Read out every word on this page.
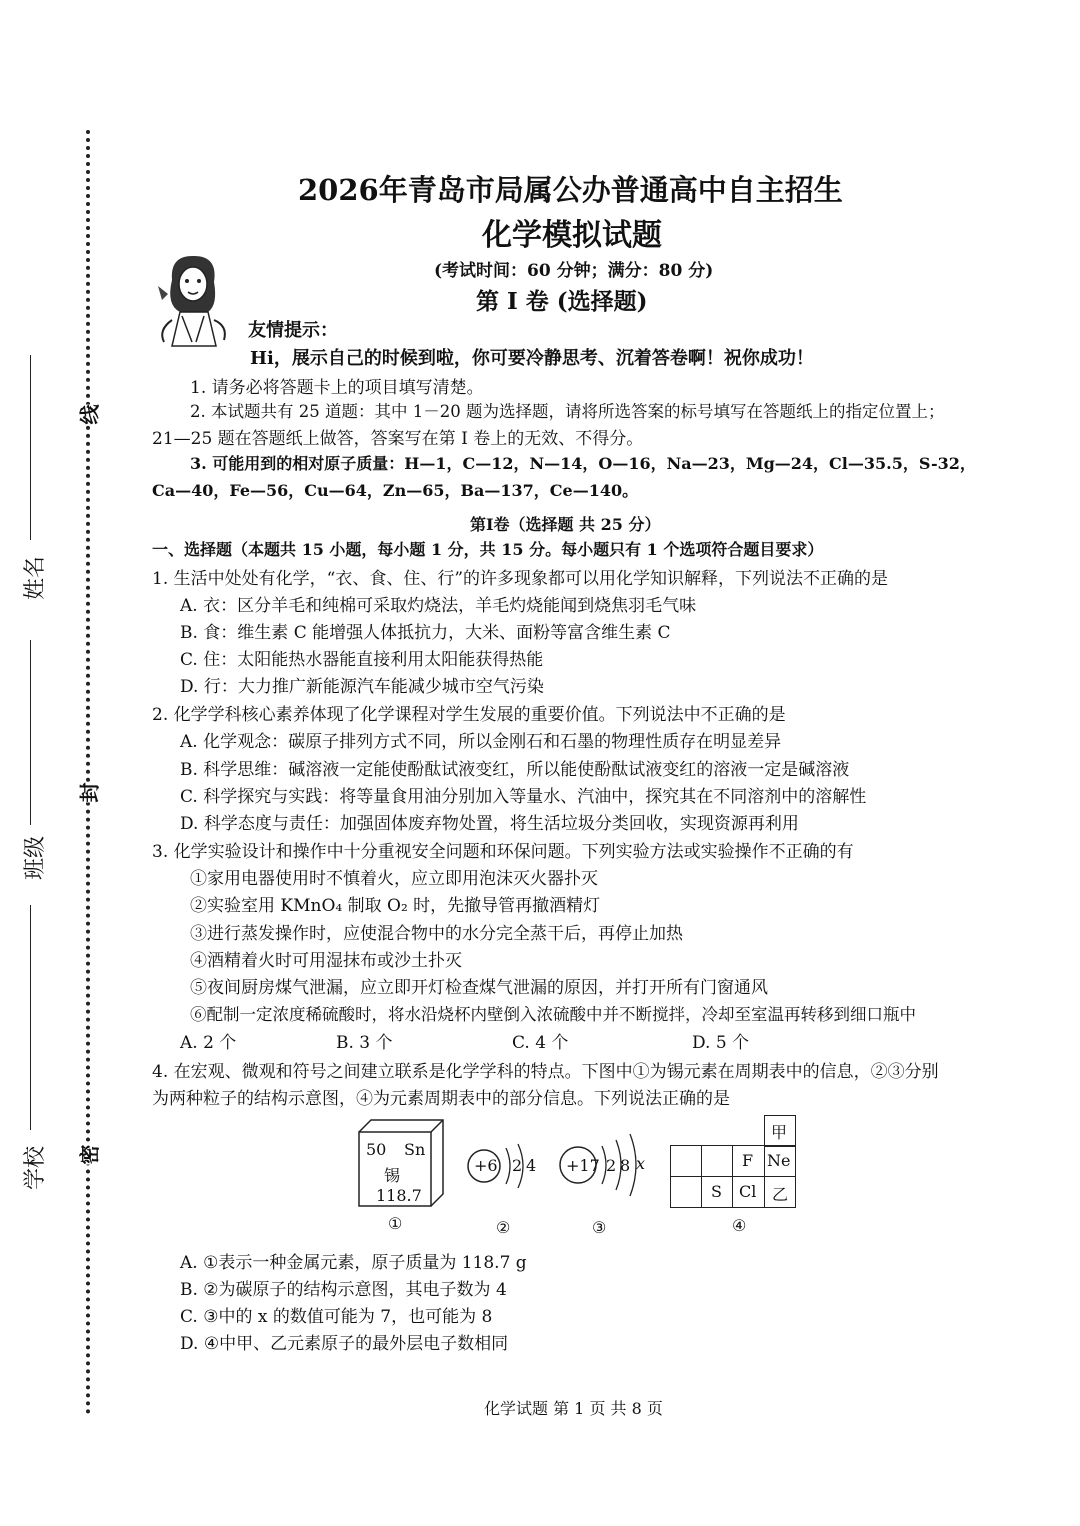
姓名
班级
学校
线
封
密
2026年青岛市局属公办普通高中自主招生
化学模拟试题
(考试时间：60 分钟；满分：80 分)
第 I 卷 (选择题)
友情提示：
Hi，展示自己的时候到啦，你可要冷静思考、沉着答卷啊！祝你成功！
1. 请务必将答题卡上的项目填写清楚。
2. 本试题共有 25 道题：其中 1－20 题为选择题，请将所选答案的标号填写在答题纸上的指定位置上；
21—25 题在答题纸上做答，答案写在第 I 卷上的无效、不得分。
3. 可能用到的相对原子质量：H—1，C—12，N—14，O—16，Na—23，Mg—24，Cl—35.5，S-32，
Ca—40，Fe—56，Cu—64，Zn—65，Ba—137，Ce—140。
第Ⅰ卷（选择题 共 25 分）
一、选择题（本题共 15 小题，每小题 1 分，共 15 分。每小题只有 1 个选项符合题目要求）
1. 生活中处处有化学，“衣、食、住、行”的许多现象都可以用化学知识解释，下列说法不正确的是
A. 衣：区分羊毛和纯棉可采取灼烧法，羊毛灼烧能闻到烧焦羽毛气味
B. 食：维生素 C 能增强人体抵抗力，大米、面粉等富含维生素 C
C. 住：太阳能热水器能直接利用太阳能获得热能
D. 行：大力推广新能源汽车能减少城市空气污染
2. 化学学科核心素养体现了化学课程对学生发展的重要价值。下列说法中不正确的是
A. 化学观念：碳原子排列方式不同，所以金刚石和石墨的物理性质存在明显差异
B. 科学思维：碱溶液一定能使酚酞试液变红，所以能使酚酞试液变红的溶液一定是碱溶液
C. 科学探究与实践：将等量食用油分别加入等量水、汽油中，探究其在不同溶剂中的溶解性
D. 科学态度与责任：加强固体废弃物处置，将生活垃圾分类回收，实现资源再利用
3. 化学实验设计和操作中十分重视安全问题和环保问题。下列实验方法或实验操作不正确的有
①家用电器使用时不慎着火，应立即用泡沫灭火器扑灭
②实验室用 KMnO₄ 制取 O₂ 时，先撤导管再撤酒精灯
③进行蒸发操作时，应使混合物中的水分完全蒸干后，再停止加热
④酒精着火时可用湿抹布或沙土扑灭
⑤夜间厨房煤气泄漏，应立即开灯检查煤气泄漏的原因，并打开所有门窗通风
⑥配制一定浓度稀硫酸时，将水沿烧杯内壁倒入浓硫酸中并不断搅拌，冷却至室温再转移到细口瓶中
A. 2 个	B. 3 个	C. 4 个	D. 5 个
4. 在宏观、微观和符号之间建立联系是化学学科的特点。下图中①为锡元素在周期表中的信息，②③分别
为两种粒子的结构示意图，④为元素周期表中的部分信息。下列说法正确的是
50 Sn
锡
118.7
①
+6 2 4
②
+17 2 8 x
③
甲
F Ne
S Cl 乙
④
A. ①表示一种金属元素，原子质量为 118.7 g
B. ②为碳原子的结构示意图，其电子数为 4
C. ③中的 x 的数值可能为 7，也可能为 8
D. ④中甲、乙元素原子的最外层电子数相同
化学试题 第 1 页 共 8 页
